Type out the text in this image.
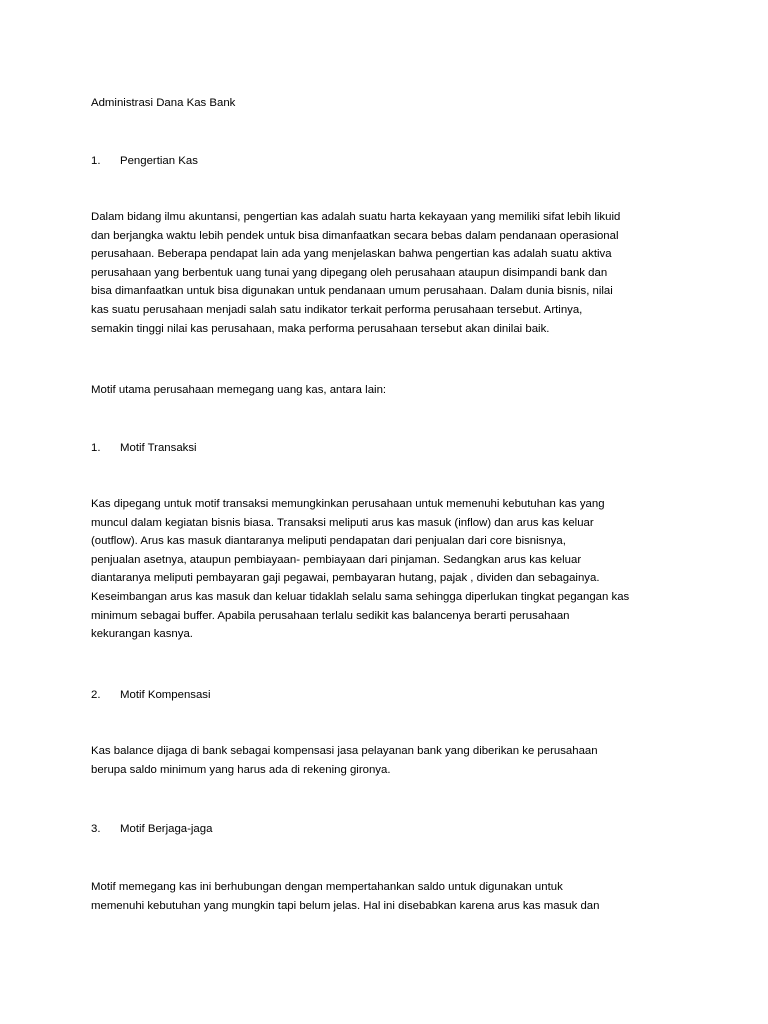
Administrasi Dana Kas Bank
1. Pengertian Kas

Dalam bidang ilmu akuntansi, pengertian kas adalah suatu harta kekayaan yang memiliki sifat lebih likuid

dan berjangka waktu lebih pendek untuk bisa dimanfaatkan secara bebas dalam pendanaan operasional

perusahaan. Beberapa pendapat lain ada yang menjelaskan bahwa pengertian kas adalah suatu aktiva

perusahaan yang berbentuk uang tunai yang dipegang oleh perusahaan ataupun disimpandi bank dan

bisa dimanfaatkan untuk bisa digunakan untuk pendanaan umum perusahaan. Dalam dunia bisnis, nilai

kas suatu perusahaan menjadi salah satu indikator terkait performa perusahaan tersebut. Artinya,

semakin tinggi nilai kas perusahaan, maka performa perusahaan tersebut akan dinilai baik.

Motif utama perusahaan memegang uang kas, antara lain:
1. Motif Transaksi

Kas dipegang untuk motif transaksi memungkinkan perusahaan untuk memenuhi kebutuhan kas yang

muncul dalam kegiatan bisnis biasa. Transaksi meliputi arus kas masuk (inflow) dan arus kas keluar

(outflow). Arus kas masuk diantaranya meliputi pendapatan dari penjualan dari core bisnisnya,

penjualan asetnya, ataupun pembiayaan- pembiayaan dari pinjaman. Sedangkan arus kas keluar

diantaranya meliputi pembayaran gaji pegawai, pembayaran hutang, pajak , dividen dan sebagainya.

Keseimbangan arus kas masuk dan keluar tidaklah selalu sama sehingga diperlukan tingkat pegangan kas

minimum sebagai buffer. Apabila perusahaan terlalu sedikit kas balancenya berarti perusahaan

kekurangan kasnya.

2. Motif Kompensasi

Kas balance dijaga di bank sebagai kompensasi jasa pelayanan bank yang diberikan ke perusahaan

berupa saldo minimum yang harus ada di rekening gironya.

3. Motif Berjaga-jaga

Motif memegang kas ini berhubungan dengan mempertahankan saldo untuk digunakan untuk

memenuhi kebutuhan yang mungkin tapi belum jelas. Hal ini disebabkan karena arus kas masuk dan
